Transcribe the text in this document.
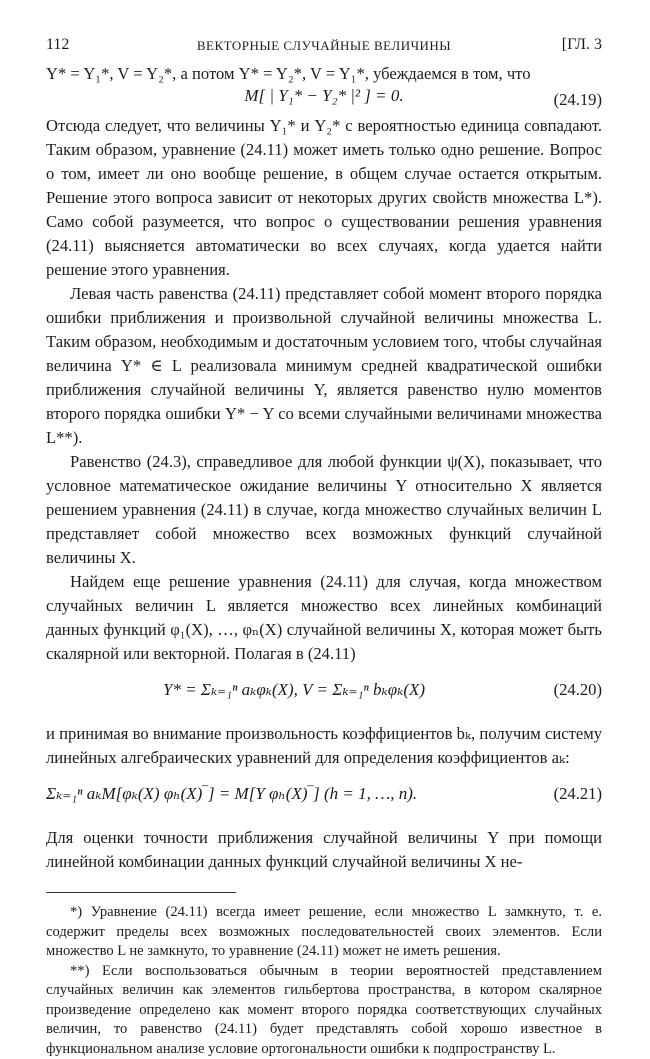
112	ВЕКТОРНЫЕ СЛУЧАЙНЫЕ ВЕЛИЧИНЫ	[ГЛ. 3

Y* = Y₁*, V = Y₂*, а потом Y* = Y₂*, V = Y₁*, убеждаемся в том, что

M[ | Y₁* − Y₂* |² ] = 0.	(24.19)

Отсюда следует, что величины Y₁* и Y₂* с вероятностью единица совпадают. Таким образом, уравнение (24.11) может иметь только одно решение. Вопрос о том, имеет ли оно вообще решение, в общем случае остается открытым. Решение этого вопроса зависит от некоторых других свойств множества L*). Само собой разумеется, что вопрос о существовании решения уравнения (24.11) выясняется автоматически во всех случаях, когда удается найти решение этого уравнения.

Левая часть равенства (24.11) представляет собой момент второго порядка ошибки приближения и произвольной случайной величины множества L. Таким образом, необходимым и достаточным условием того, чтобы случайная величина Y* ∈ L реализовала минимум средней квадратической ошибки приближения случайной величины Y, является равенство нулю моментов второго порядка ошибки Y* − Y со всеми случайными величинами множества L**).

Равенство (24.3), справедливое для любой функции ψ(X), показывает, что условное математическое ожидание величины Y относительно X является решением уравнения (24.11) в случае, когда множество случайных величин L представляет собой множество всех возможных функций случайной величины X.

Найдем еще решение уравнения (24.11) для случая, когда множеством случайных величин L является множество всех линейных комбинаций данных функций φ₁(X), …, φₙ(X) случайной величины X, которая может быть скалярной или векторной. Полагая в (24.11)

Y* = Σₖ₌₁ⁿ aₖφₖ(X), V = Σₖ₌₁ⁿ bₖφₖ(X)	(24.20)

и принимая во внимание произвольность коэффициентов bₖ, получим систему линейных алгебраических уравнений для определения коэффициентов aₖ:

Σₖ₌₁ⁿ aₖM[φₖ(X) φₕ(X)‾] = M[Y φₕ(X)‾] (h = 1, …, n).	(24.21)

Для оценки точности приближения случайной величины Y при помощи линейной комбинации данных функций случайной величины X не-

*) Уравнение (24.11) всегда имеет решение, если множество L замкнуто, т. е. содержит пределы всех возможных последовательностей своих элементов. Если множество L не замкнуто, то уравнение (24.11) может не иметь решения.

**) Если воспользоваться обычным в теории вероятностей представлением случайных величин как элементов гильбертова пространства, в котором скалярное произведение определено как момент второго порядка соответствующих случайных величин, то равенство (24.11) будет представлять собой хорошо известное в функциональном анализе условие ортогональности ошибки к подпространству L.
